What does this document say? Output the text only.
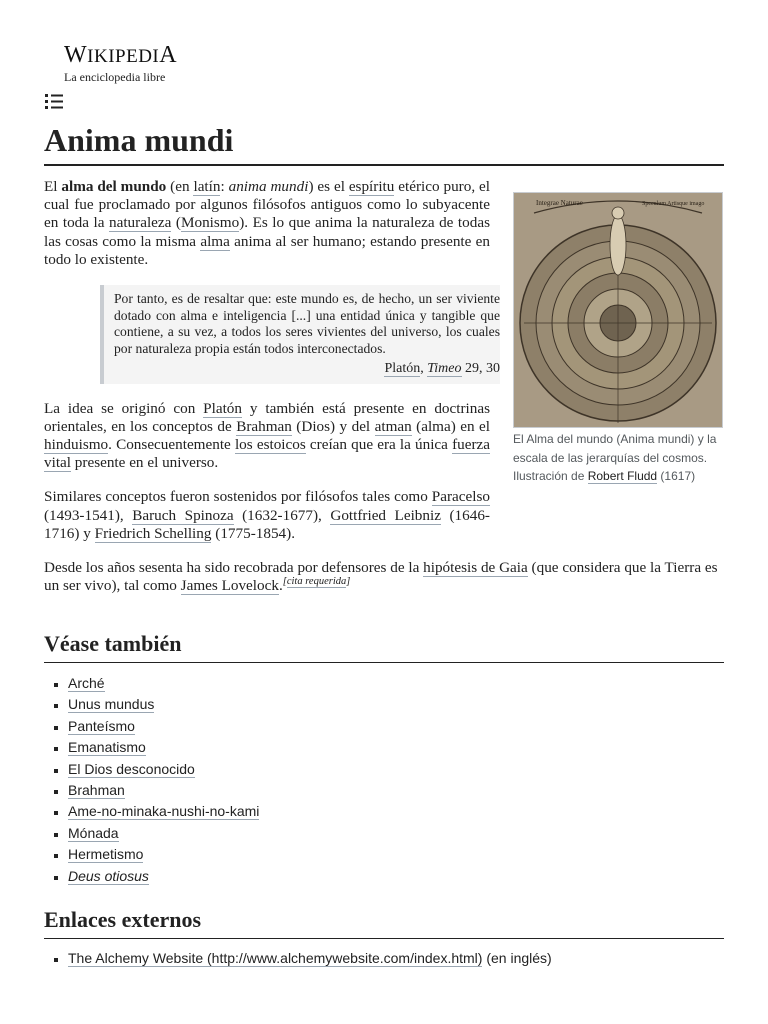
WIKIPEDIA
La enciclopedia libre
Anima mundi
Integrae Naturae	Speculum Artisque imago
El Alma del mundo (Anima mundi) y la escala de las jerarquías del cosmos. Ilustración de Robert Fludd (1617)

El alma del mundo (en latín: anima mundi) es el espíritu etérico puro, el cual fue proclamado por algunos filósofos antiguos como lo subyacente en toda la naturaleza (Monismo). Es lo que anima la naturaleza de todas las cosas como la misma alma anima al ser humano; estando presente en todo lo existente.

Por tanto, es de resaltar que: este mundo es, de hecho, un ser viviente dotado con alma e inteligencia [...] una entidad única y tangible que contiene, a su vez, a todos los seres vivientes del universo, los cuales por naturaleza propia están todos interconectados.
Platón, Timeo 29, 30

La idea se originó con Platón y también está presente en doctrinas orientales, en los conceptos de Brahman (Dios) y del atman (alma) en el hinduismo. Consecuentemente los estoicos creían que era la única fuerza vital presente en el universo.

Similares conceptos fueron sostenidos por filósofos tales como Paracelso (1493-1541), Baruch Spinoza (1632-1677), Gottfried Leibniz (1646-1716) y Friedrich Schelling (1775-1854).

Desde los años sesenta ha sido recobrada por defensores de la hipótesis de Gaia (que considera que la Tierra es un ser vivo), tal como James Lovelock.[cita requerida]

Véase también
Arché
Unus mundus
Panteísmo
Emanatismo
El Dios desconocido
Brahman
Ame-no-minaka-nushi-no-kami
Mónada
Hermetismo
Deus otiosus
Enlaces externos
The Alchemy Website (http://www.alchemywebsite.com/index.html) (en inglés)
